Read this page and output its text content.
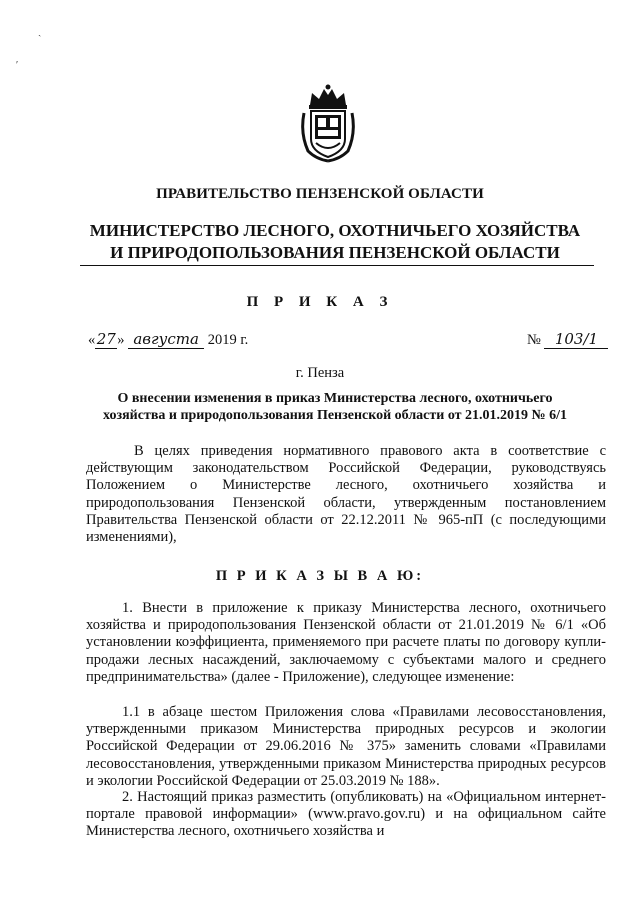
ˏ
′
ПРАВИТЕЛЬСТВО ПЕНЗЕНСКОЙ ОБЛАСТИ
МИНИСТЕРСТВО ЛЕСНОГО, ОХОТНИЧЬЕГО ХОЗЯЙСТВА
И ПРИРОДОПОЛЬЗОВАНИЯ ПЕНЗЕНСКОЙ ОБЛАСТИ
П Р И К А З
«27» августа 2019 г.	№ 103/1
г. Пенза
О внесении изменения в приказ Министерства лесного, охотничьего
хозяйства и природопользования Пензенской области от 21.01.2019 № 6/1

В целях приведения нормативного правового акта в соответствие с действующим законодательством Российской Федерации, руководствуясь Положением о Министерстве лесного, охотничьего хозяйства и природопользования Пензенской области, утвержденным постановлением Правительства Пензенской области от 22.12.2011 № 965-пП (с последующими изменениями),

П Р И К А З Ы В А Ю:

1. Внести в приложение к приказу Министерства лесного, охотничьего хозяйства и природопользования Пензенской области от 21.01.2019 № 6/1 «Об установлении коэффициента, применяемого при расчете платы по договору купли-продажи лесных насаждений, заключаемому с субъектами малого и среднего предпринимательства» (далее - Приложение), следующее изменение:

1.1 в абзаце шестом Приложения слова «Правилами лесовосстановления, утвержденными приказом Министерства природных ресурсов и экологии Российской Федерации от 29.06.2016 № 375» заменить словами «Правилами лесовосстановления, утвержденными приказом Министерства природных ресурсов и экологии Российской Федерации от 25.03.2019 № 188».

2. Настоящий приказ разместить (опубликовать) на «Официальном интернет-портале правовой информации» (www.pravo.gov.ru) и на официальном сайте Министерства лесного, охотничьего хозяйства и
